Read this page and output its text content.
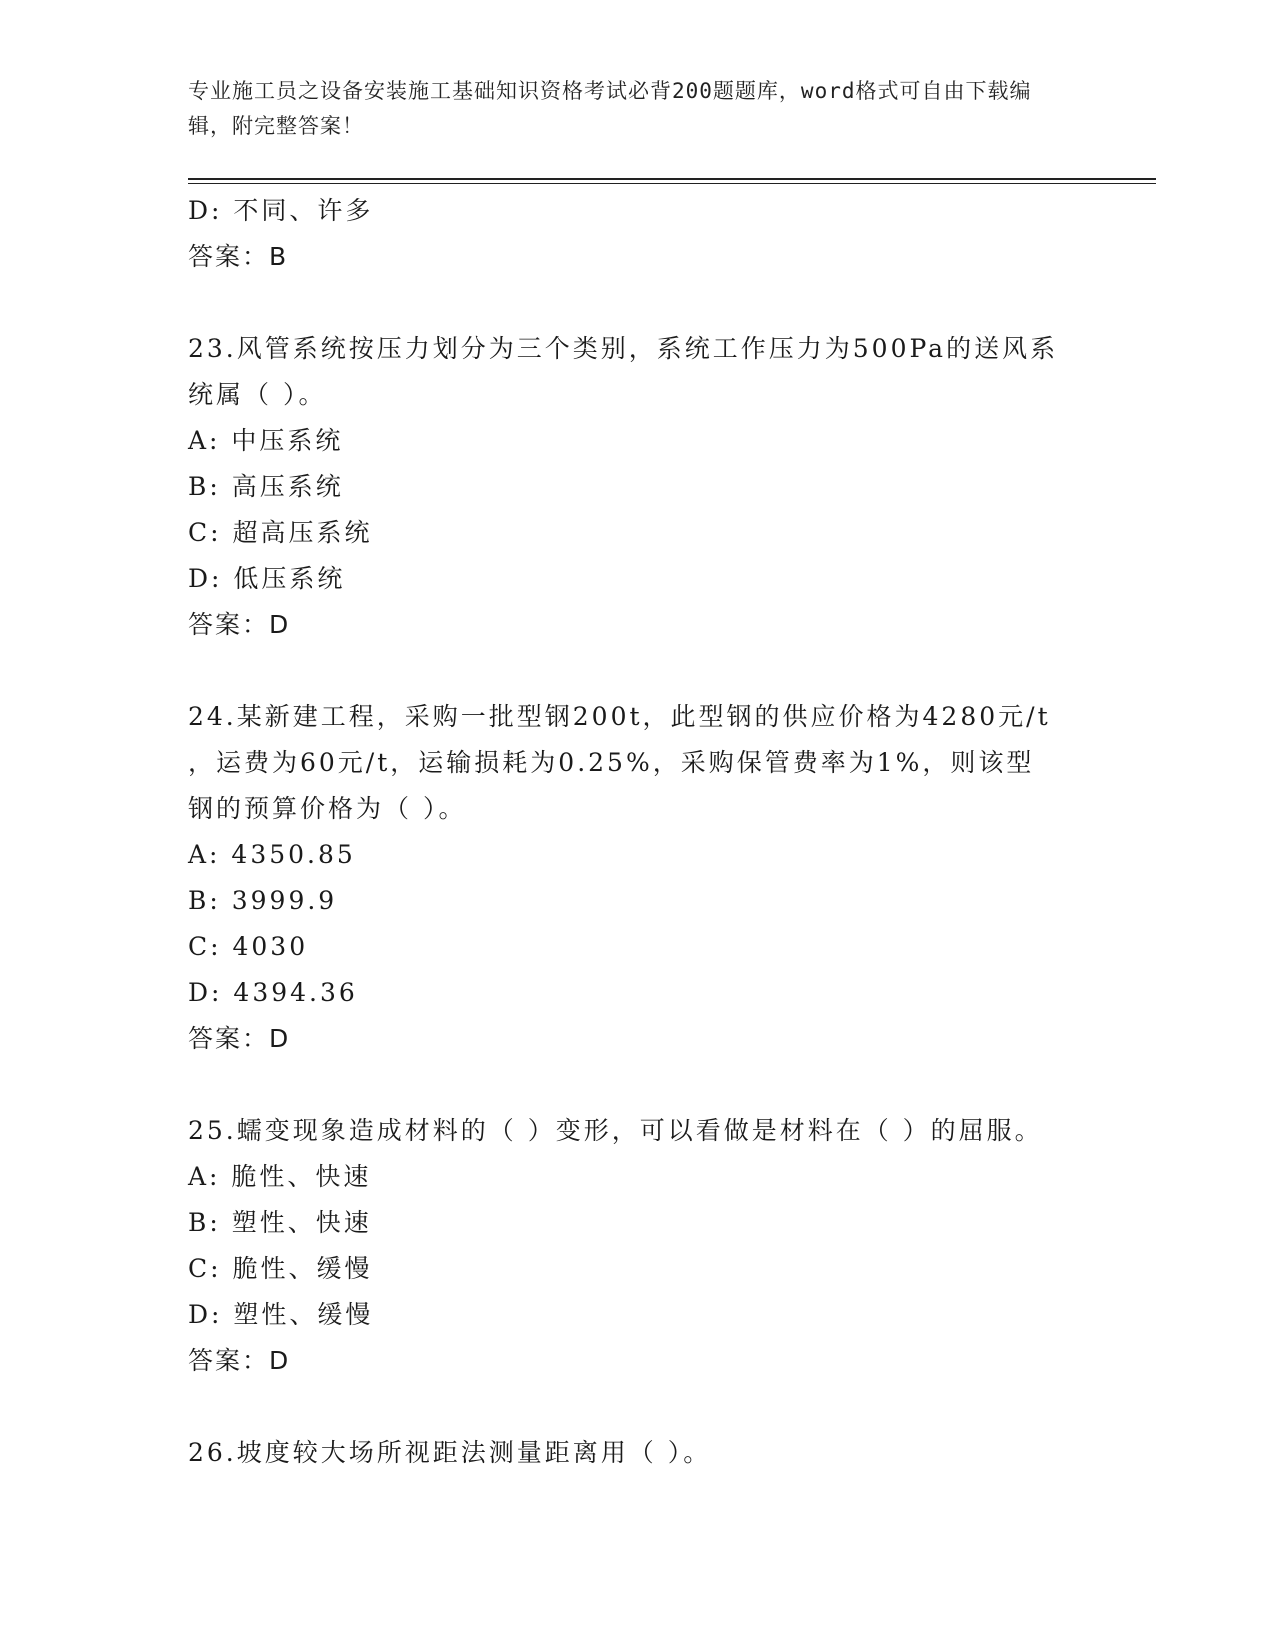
专业施工员之设备安装施工基础知识资格考试必背200题题库，word格式可自由下载编辑，附完整答案！

D: 不同、许多

答案：B

23.风管系统按压力划分为三个类别，系统工作压力为500Pa的送风系

统属（ ）。

A: 中压系统

B: 高压系统

C: 超高压系统

D: 低压系统

答案：D

24.某新建工程，采购一批型钢200t，此型钢的供应价格为4280元/t

，运费为60元/t，运输损耗为0.25%，采购保管费率为1%，则该型

钢的预算价格为（ ）。

A: 4350.85

B: 3999.9

C: 4030

D: 4394.36

答案：D

25.蠕变现象造成材料的（ ）变形，可以看做是材料在（ ）的屈服。

A: 脆性、快速

B: 塑性、快速

C: 脆性、缓慢

D: 塑性、缓慢

答案：D

26.坡度较大场所视距法测量距离用（ ）。
